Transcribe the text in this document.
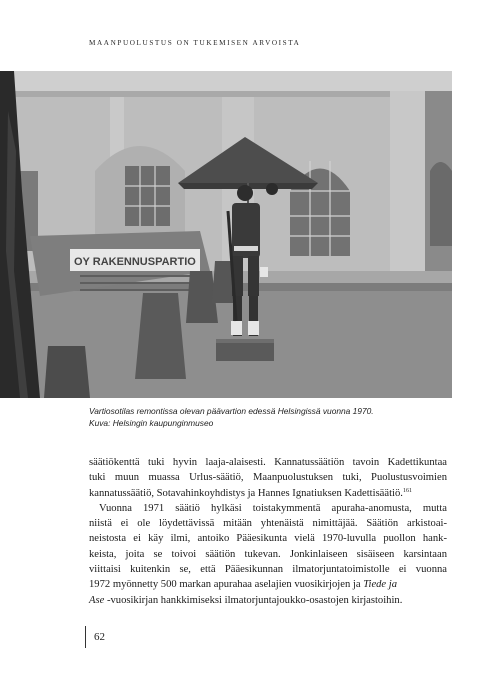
MAANPUOLUSTUS ON TUKEMISEN ARVOISTA
OY RAKENNUSPARTIO
Vartiosotilas remontissa olevan päävartion edessä Helsingissä vuonna 1970.
Kuva: Helsingin kaupunginmuseo
säätiökenttä tuki hyvin laaja-alaisesti. Kannatussäätiön tavoin Kadettikuntaa
tuki muun muassa Urlus-säätiö, Maanpuolustuksen tuki, Puolustusvoimien
kannatussäätiö, Sotavahinkoyhdistys ja Hannes Ignatiuksen Kadettisäätiö.$^{161}$
Vuonna 1971 säätiö hylkäsi toistakymmentä apuraha-anomusta, mutta
niistä ei ole löydettävissä mitään yhtenäistä nimittäjää. Säätiön arkistoai-
neistosta ei käy ilmi, antoiko Pääesikunta vielä 1970-luvulla puollon hank-
keista, joita se toivoi säätiön tukevan. Jonkinlaiseen sisäiseen karsintaan
viittaisi kuitenkin se, että Pääesikunnan ilmatorjuntatoimistolle ei vuonna
1972 myönnetty 500 markan apurahaa aselajien vuosikirjojen ja Tiede ja
Ase -vuosikirjan hankkimiseksi ilmatorjuntajoukko-osastojen kirjastoihin.
62
